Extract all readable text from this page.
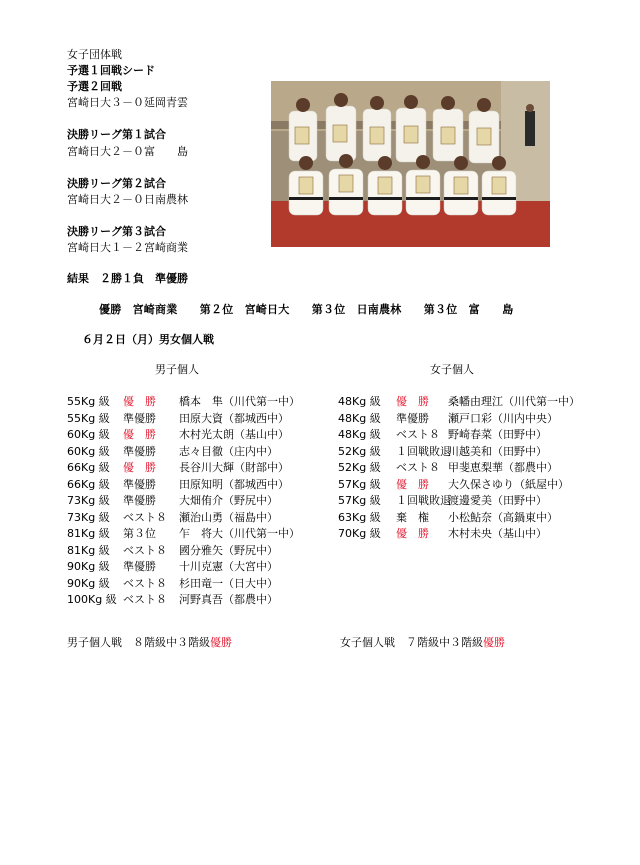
女子団体戦
予選１回戦シード
予選２回戦
宮崎日大３－０延岡青雲
決勝リーグ第１試合
宮崎日大２－０富　　島
決勝リーグ第２試合
宮崎日大２－０日南農林
決勝リーグ第３試合
宮崎日大１－２宮崎商業
結果　２勝１負　準優勝
優勝　宮崎商業　　第２位　宮崎日大　　第３位　日南農林　　第３位　富　　島
６月２日（月）男女個人戦
男子個人	女子個人
55Kg 級 優　勝 橋本　隼（川代第一中）
55Kg 級 準優勝 田原大資（都城西中）
60Kg 級 優　勝 木村光太朗（基山中）
60Kg 級 準優勝 志々目徹（庄内中）
66Kg 級 優　勝 長谷川大輝（財部中）
66Kg 級 準優勝 田原知明（都城西中）
73Kg 級 準優勝 大畑侑介（野尻中）
73Kg 級 ベスト８ 瀬治山勇（福島中）
81Kg 級 第３位 乍　将大（川代第一中）
81Kg 級 ベスト８ 國分雅矢（野尻中）
90Kg 級 準優勝 十川克憲（大宮中）
90Kg 級 ベスト８ 杉田竜一（日大中）
100Kg 級 ベスト８ 河野真吾（都農中）
48Kg 級 優　勝 桑幡由理江（川代第一中）
48Kg 級 準優勝 瀬戸口彩（川内中央）
48Kg 級 ベスト８ 野崎春菜（田野中）
52Kg 級 １回戦敗退
川越美和（田野中）
52Kg 級 ベスト８ 甲斐恵梨華（都農中）
57Kg 級 優　勝 大久保さゆり（紙屋中）
57Kg 級 １回戦敗退
渡邊愛美（田野中）
63Kg 級 棄　権 小松鮎奈（高鍋東中）
70Kg 級 優　勝 木村未央（基山中）
男子個人戦　８階級中３階級優勝	女子個人戦　７階級中３階級優勝
